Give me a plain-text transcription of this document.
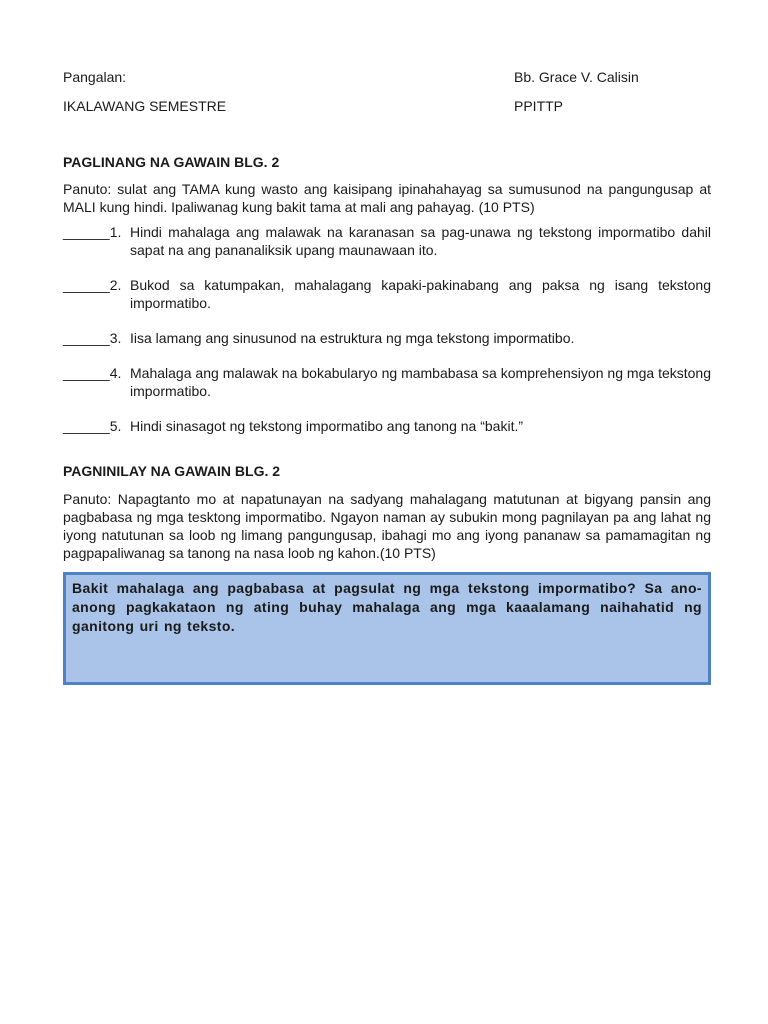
Pangalan:	Bb. Grace V. Calisin
IKALAWANG SEMESTRE	PPITTP
PAGLINANG NA GAWAIN BLG. 2
Panuto: sulat ang TAMA kung wasto ang kaisipang ipinahahayag sa sumusunod na pangungusap at MALI kung hindi. Ipaliwanag kung bakit tama at mali ang pahayag. (10 PTS)
______1. Hindi mahalaga ang malawak na karanasan sa pag-unawa ng tekstong impormatibo dahil sapat na ang pananaliksik upang maunawaan ito.
______2. Bukod sa katumpakan, mahalagang kapaki-pakinabang ang paksa ng isang tekstong impormatibo.
______3. Iisa lamang ang sinusunod na estruktura ng mga tekstong impormatibo.
______4. Mahalaga ang malawak na bokabularyo ng mambabasa sa komprehensiyon ng mga tekstong impormatibo.
______5. Hindi sinasagot ng tekstong impormatibo ang tanong na “bakit.”
PAGNINILAY NA GAWAIN BLG. 2
Panuto: Napagtanto mo at napatunayan na sadyang mahalagang matutunan at bigyang pansin ang pagbabasa ng mga tesktong impormatibo. Ngayon naman ay subukin mong pagnilayan pa ang lahat ng iyong natutunan sa loob ng limang pangungusap, ibahagi mo ang iyong pananaw sa pamamagitan ng pagpapaliwanag sa tanong na nasa loob ng kahon.(10 PTS)
Bakit mahalaga ang pagbabasa at pagsulat ng mga tekstong impormatibo? Sa ano-anong pagkakataon ng ating buhay mahalaga ang mga kaaalamang naihahatid ng ganitong uri ng teksto.
